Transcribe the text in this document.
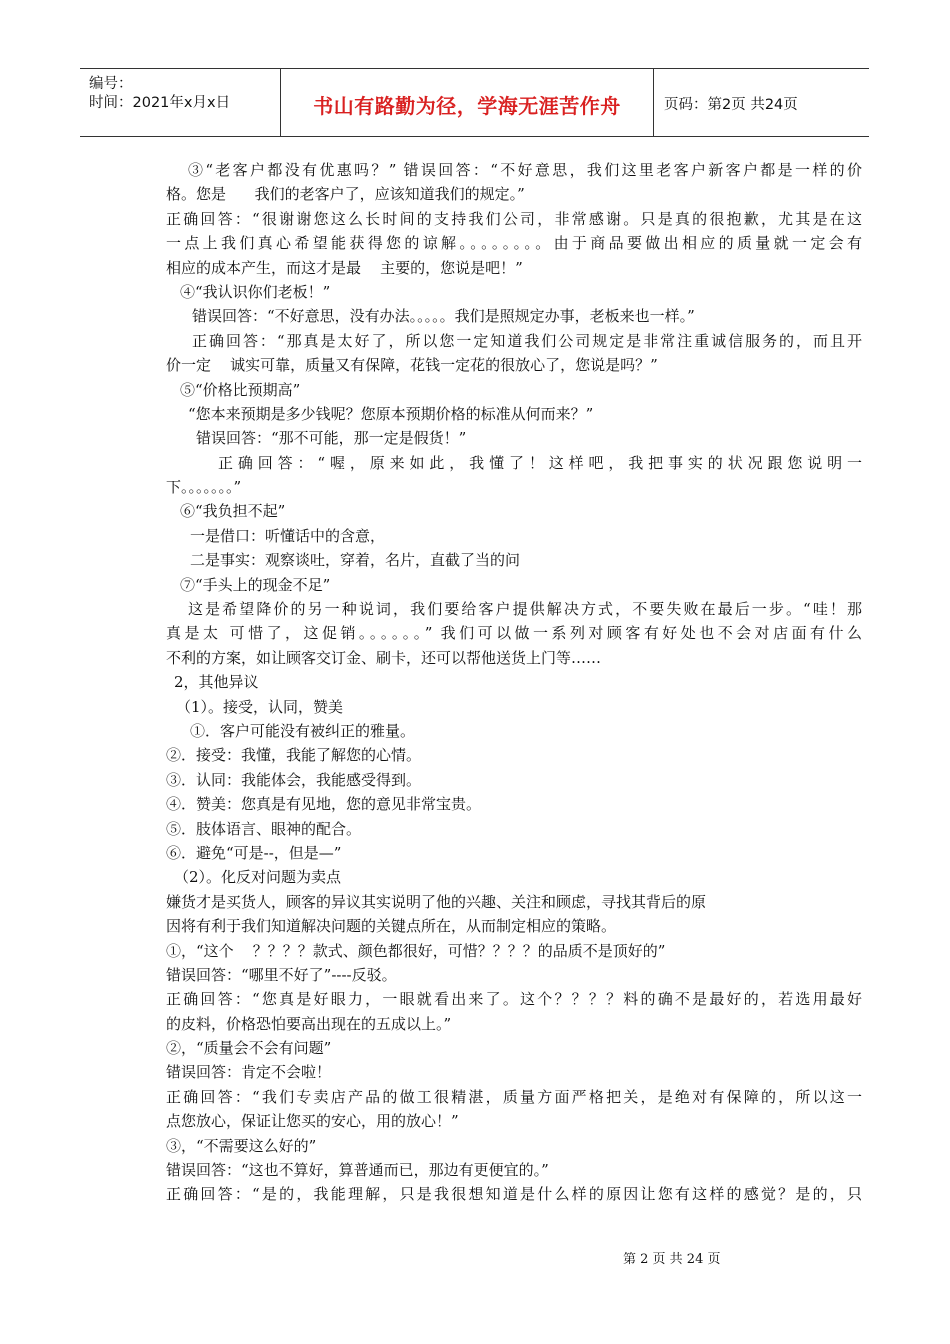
编号：
时间：2021年x月x日	书山有路勤为径，学海无涯苦作舟	页码：第2页 共24页
③“老客户都没有优惠吗？” 错误回答：“不好意思，我们这里老客户新客户都是一样的价
格。您是      我们的老客户了，应该知道我们的规定。”
正确回答：“很谢谢您这么长时间的支持我们公司，非常感谢。只是真的很抱歉，尤其是在这
一点上我们真心希望能获得您的谅解。。。。。。。。由于商品要做出相应的质量就一定会有
相应的成本产生，而这才是最    主要的，您说是吧！”
④“我认识你们老板！”
错误回答：“不好意思，没有办法。。。。。我们是照规定办事，老板来也一样。”
正确回答：“那真是太好了，所以您一定知道我们公司规定是非常注重诚信服务的，而且开
价一定    诚实可靠，质量又有保障，花钱一定花的很放心了，您说是吗？”
⑤“价格比预期高”
“您本来预期是多少钱呢？您原本预期价格的标准从何而来？”
错误回答：“那不可能，那一定是假货！”
正确回答：“喔，原来如此，我懂了！这样吧，我把事实的状况跟您说明一
下。。。。。。。”
⑥“我负担不起”
一是借口：听懂话中的含意，
二是事实：观察谈吐，穿着，名片，直截了当的问
⑦“手头上的现金不足”
这是希望降价的另一种说词，我们要给客户提供解决方式，不要失败在最后一步。“哇！那
真是太 可惜了，这促销。。。。。。” 我们可以做一系列对顾客有好处也不会对店面有什么
不利的方案，如让顾客交订金、刷卡，还可以帮他送货上门等……
2，其他异议
（1）。接受，认同，赞美
①．客户可能没有被纠正的雅量。
②．接受：我懂，我能了解您的心情。
③．认同：我能体会，我能感受得到。
④．赞美：您真是有见地，您的意见非常宝贵。
⑤．肢体语言、眼神的配合。
⑥．避免“可是--，但是—”
（2）。化反对问题为卖点
嫌货才是买货人，顾客的异议其实说明了他的兴趣、关注和顾虑，寻找其背后的原
因将有利于我们知道解决问题的关键点所在，从而制定相应的策略。
①，“这个    ？？？？款式、颜色都很好，可惜？？？？的品质不是顶好的”
错误回答：“哪里不好了”----反驳。
正确回答：“您真是好眼力，一眼就看出来了。这个？？？？料的确不是最好的，若选用最好
的皮料，价格恐怕要高出现在的五成以上。”
②，“质量会不会有问题”
错误回答：肯定不会啦！
正确回答：“我们专卖店产品的做工很精湛，质量方面严格把关，是绝对有保障的，所以这一
点您放心，保证让您买的安心，用的放心！”
③，“不需要这么好的”
错误回答：“这也不算好，算普通而已，那边有更便宜的。”
正确回答：“是的，我能理解，只是我很想知道是什么样的原因让您有这样的感觉？是的，只
第 2 页 共 24 页
